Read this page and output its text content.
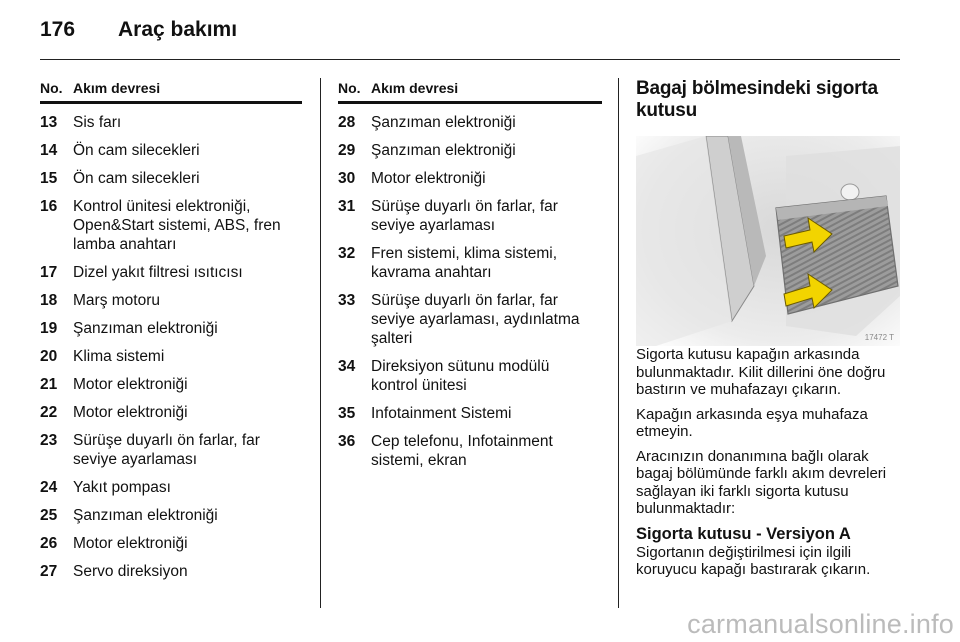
176 Araç bakımı
No. Akım devresi
13	Sis farı
14	Ön cam silecekleri
15	Ön cam silecekleri
16	Kontrol ünitesi elektroniği,
Open&Start sistemi, ABS, fren
lamba anahtarı
17	Dizel yakıt filtresi ısıtıcısı
18	Marş motoru
19	Şanzıman elektroniği
20	Klima sistemi
21	Motor elektroniği
22	Motor elektroniği
23	Sürüşe duyarlı ön farlar, far
seviye ayarlaması
24	Yakıt pompası
25	Şanzıman elektroniği
26	Motor elektroniği
27	Servo direksiyon
No. Akım devresi
28	Şanzıman elektroniği
29	Şanzıman elektroniği
30	Motor elektroniği
31	Sürüşe duyarlı ön farlar, far
seviye ayarlaması
32	Fren sistemi, klima sistemi,
kavrama anahtarı
33	Sürüşe duyarlı ön farlar, far
seviye ayarlaması, aydınlatma
şalteri
34	Direksiyon sütunu modülü
kontrol ünitesi
35	Infotainment Sistemi
36	Cep telefonu, Infotainment
sistemi, ekran
Bagaj bölmesindeki sigorta kutusu
17472 T

Sigorta kutusu kapağın arkasında bulunmaktadır. Kilit dillerini öne doğru bastırın ve muhafazayı çıkarın.

Kapağın arkasında eşya muhafaza etmeyin.

Aracınızın donanımına bağlı olarak bagaj bölümünde farklı akım devreleri sağlayan iki farklı sigorta kutusu bulunmaktadır:

Sigorta kutusu - Versiyon A

Sigortanın değiştirilmesi için ilgili koruyucu kapağı bastırarak çıkarın.

carmanualsonline.info
